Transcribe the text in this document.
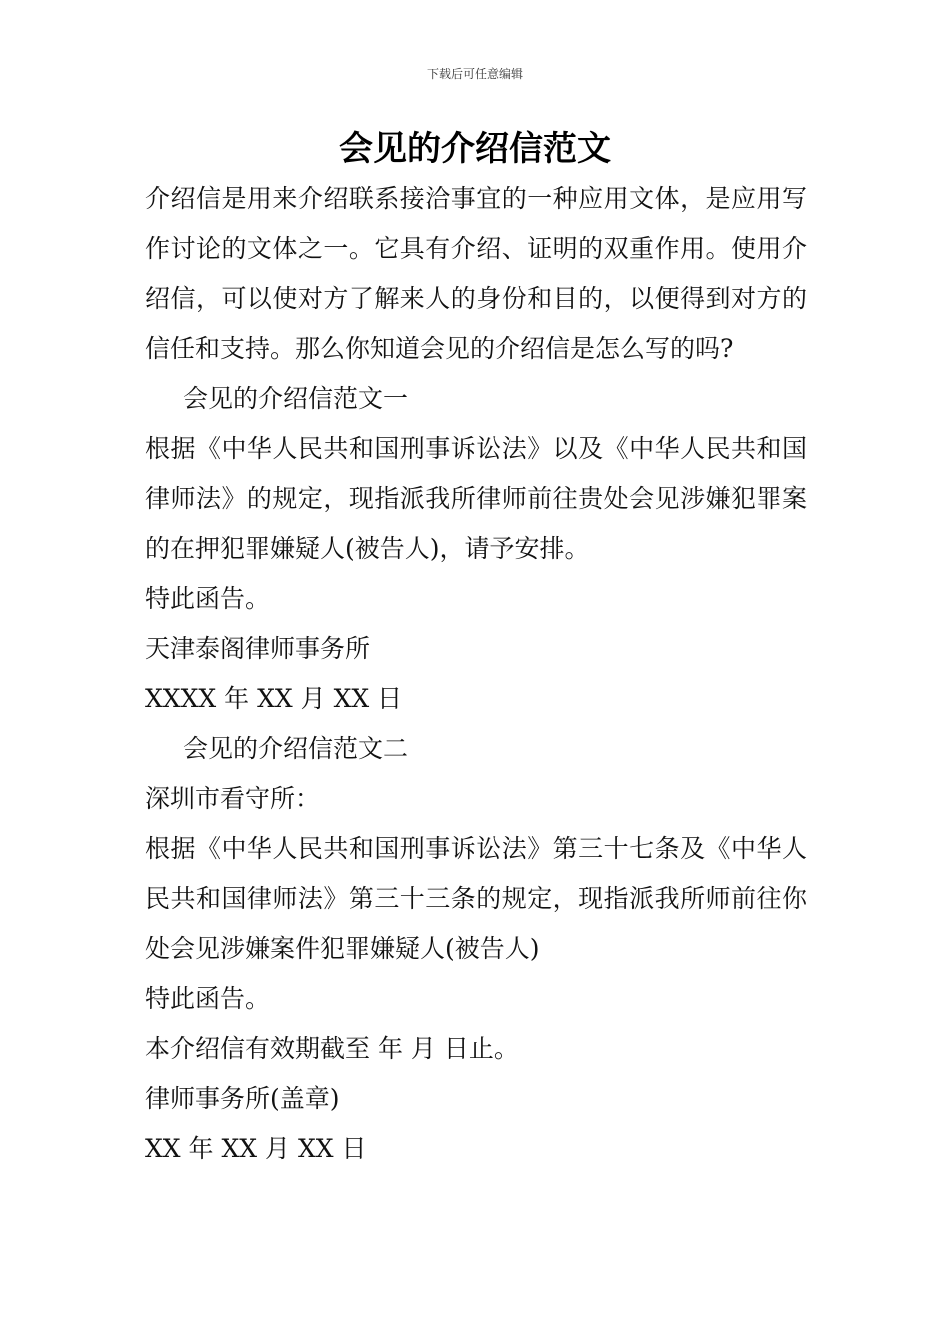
下载后可任意编辑
会见的介绍信范文

介绍信是用来介绍联系接洽事宜的一种应用文体，是应用写作讨论的文体之一。它具有介绍、证明的双重作用。使用介绍信，可以使对方了解来人的身份和目的，以便得到对方的信任和支持。那么你知道会见的介绍信是怎么写的吗?

会见的介绍信范文一

根据《中华人民共和国刑事诉讼法》以及《中华人民共和国律师法》的规定，现指派我所律师前往贵处会见涉嫌犯罪案的在押犯罪嫌疑人(被告人)，请予安排。

特此函告。

天津泰阁律师事务所

XXXX 年 XX 月 XX 日

会见的介绍信范文二

深圳市看守所：

根据《中华人民共和国刑事诉讼法》第三十七条及《中华人民共和国律师法》第三十三条的规定，现指派我所师前往你处会见涉嫌案件犯罪嫌疑人(被告人)

特此函告。

本介绍信有效期截至 年 月 日止。

律师事务所(盖章)

XX 年 XX 月 XX 日
